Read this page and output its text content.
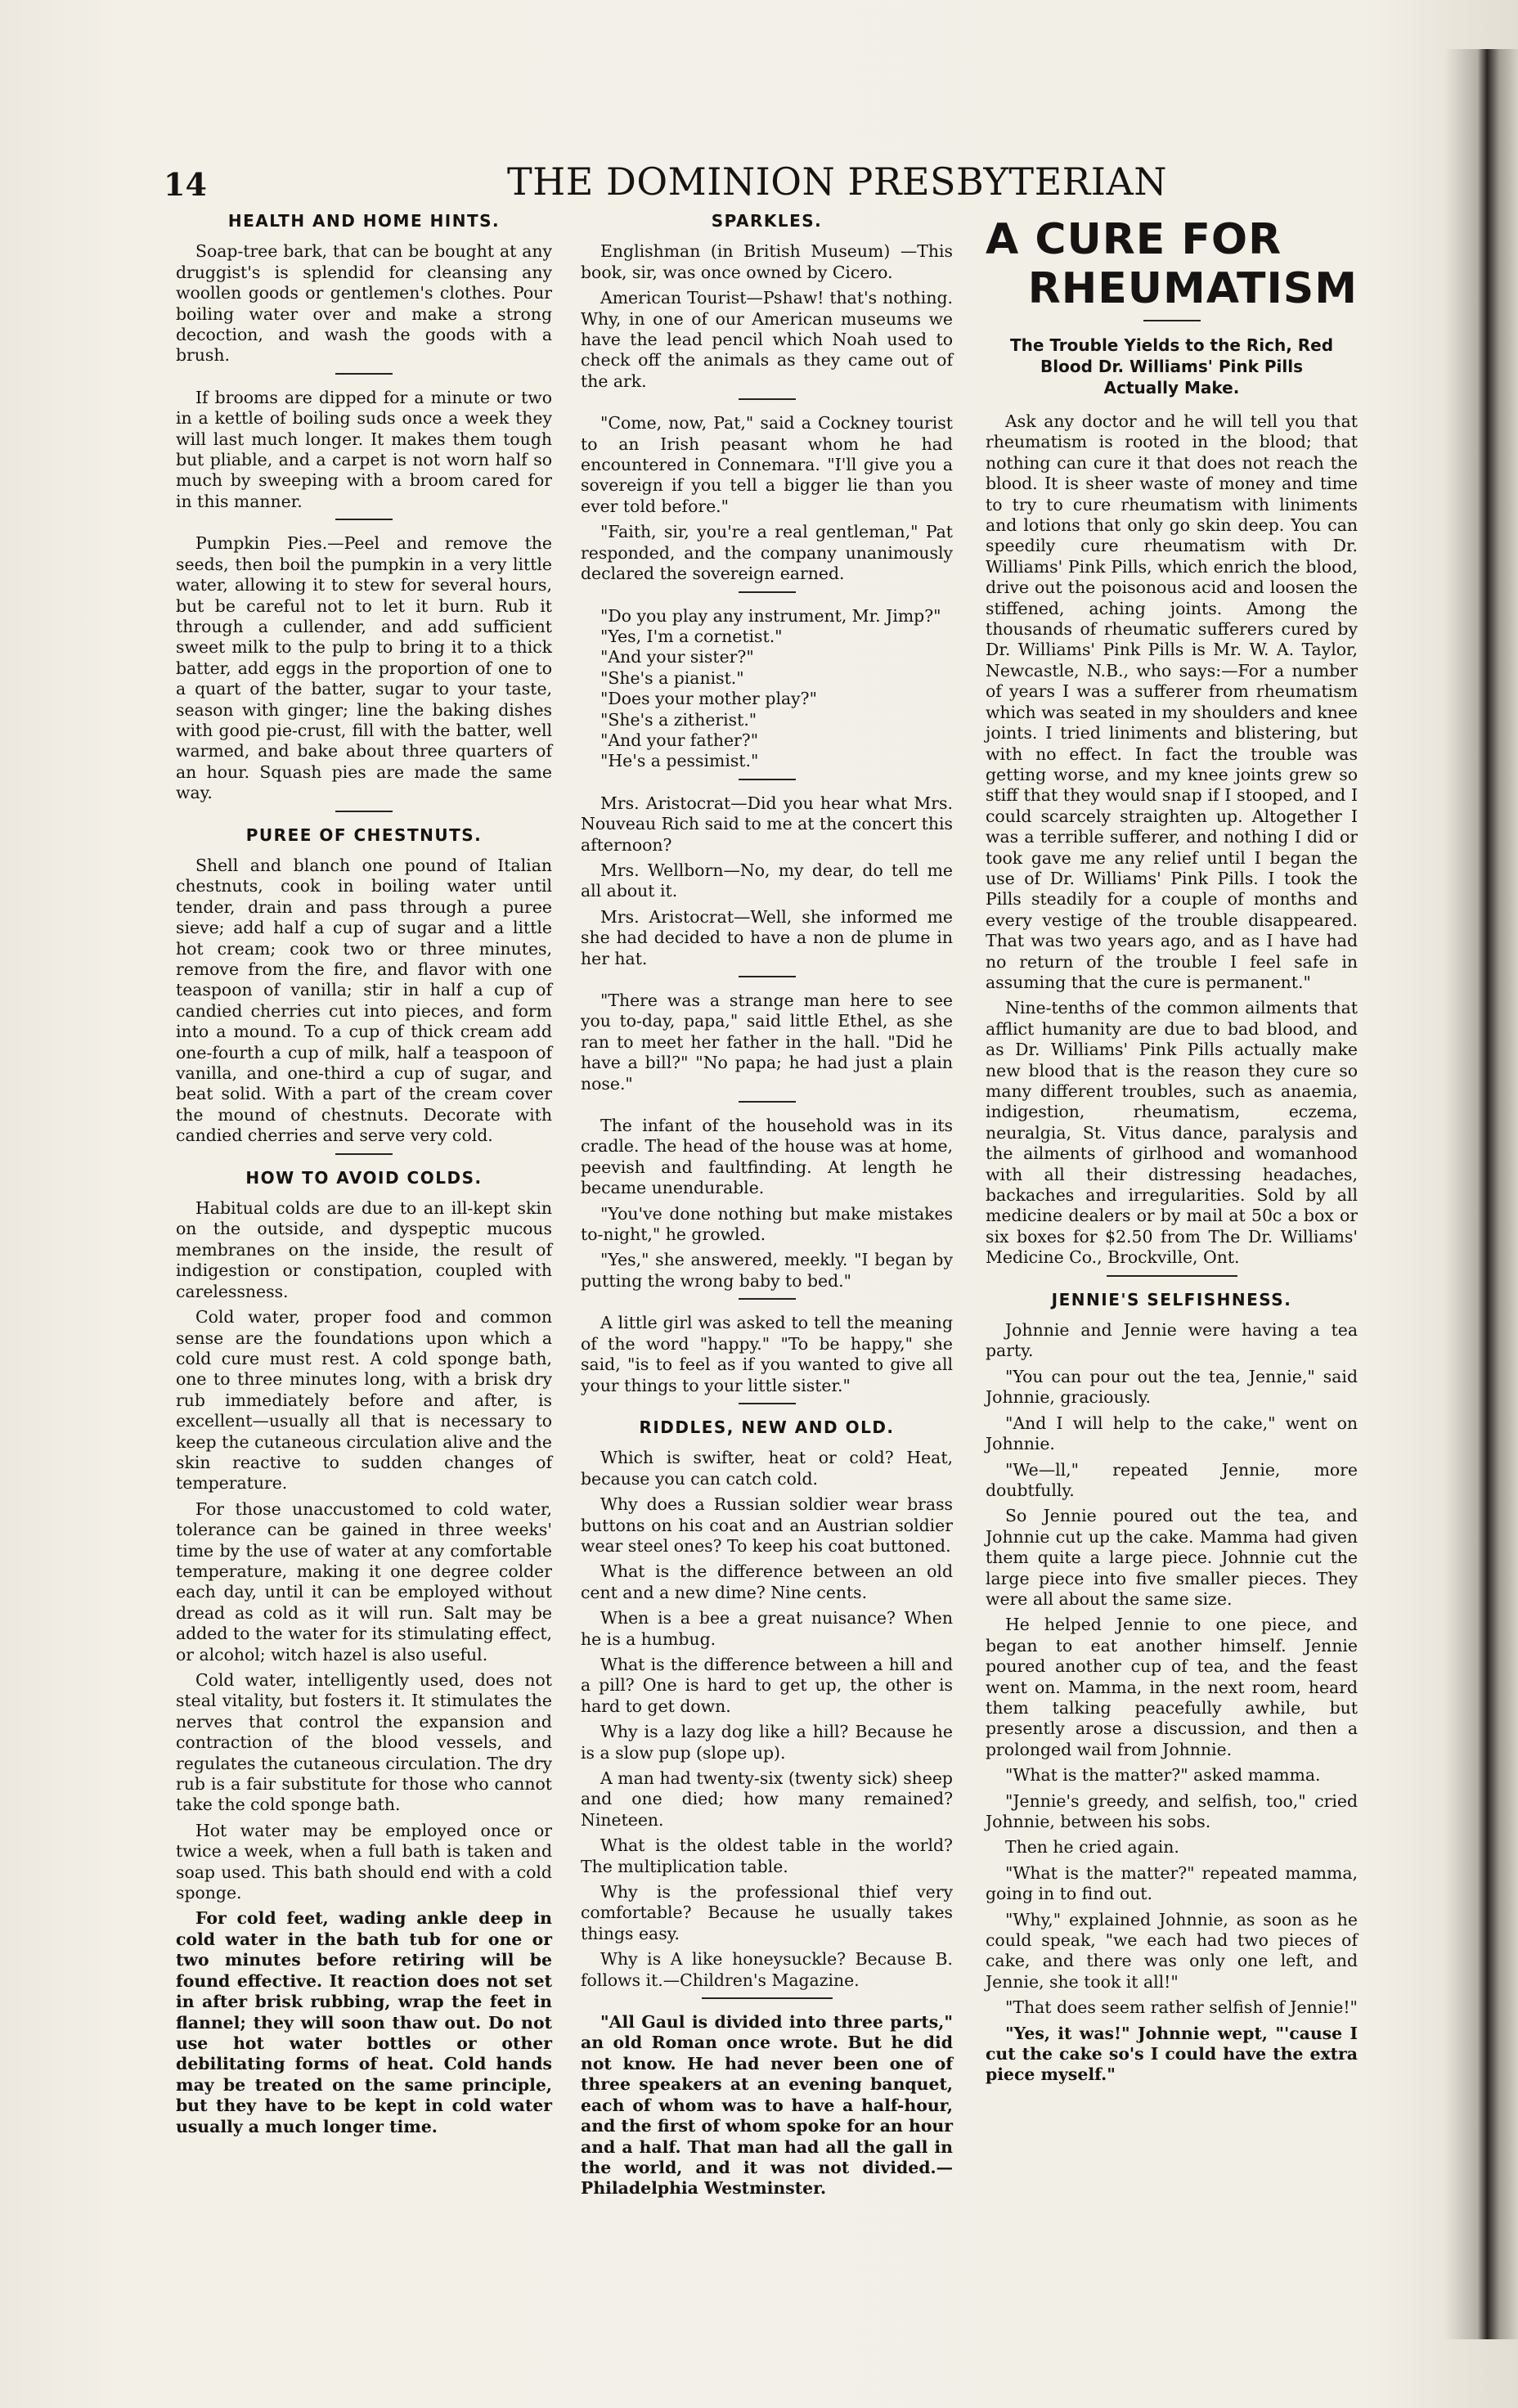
14	THE DOMINION PRESBYTERIAN
HEALTH AND HOME HINTS.

Soap-tree bark, that can be bought at any druggist's is splendid for cleansing any woollen goods or gentlemen's clothes. Pour boiling water over and make a strong decoction, and wash the goods with a brush.

If brooms are dipped for a minute or two in a kettle of boiling suds once a week they will last much longer. It makes them tough but pliable, and a carpet is not worn half so much by sweeping with a broom cared for in this manner.

Pumpkin Pies.—Peel and remove the seeds, then boil the pumpkin in a very little water, allowing it to stew for several hours, but be careful not to let it burn. Rub it through a cullender, and add sufficient sweet milk to the pulp to bring it to a thick batter, add eggs in the proportion of one to a quart of the batter, sugar to your taste, season with ginger; line the baking dishes with good pie-crust, fill with the batter, well warmed, and bake about three quarters of an hour. Squash pies are made the same way.

PUREE OF CHESTNUTS.

Shell and blanch one pound of Italian chestnuts, cook in boiling water until tender, drain and pass through a puree sieve; add half a cup of sugar and a little hot cream; cook two or three minutes, remove from the fire, and flavor with one teaspoon of vanilla; stir in half a cup of candied cherries cut into pieces, and form into a mound. To a cup of thick cream add one-fourth a cup of milk, half a teaspoon of vanilla, and one-third a cup of sugar, and beat solid. With a part of the cream cover the mound of chestnuts. Decorate with candied cherries and serve very cold.

HOW TO AVOID COLDS.

Habitual colds are due to an ill-kept skin on the outside, and dyspeptic mucous membranes on the inside, the result of indigestion or constipation, coupled with carelessness.

Cold water, proper food and common sense are the foundations upon which a cold cure must rest. A cold sponge bath, one to three minutes long, with a brisk dry rub immediately before and after, is excellent—usually all that is necessary to keep the cutaneous circulation alive and the skin reactive to sudden changes of temperature.

For those unaccustomed to cold water, tolerance can be gained in three weeks' time by the use of water at any comfortable temperature, making it one degree colder each day, until it can be employed without dread as cold as it will run. Salt may be added to the water for its stimulating effect, or alcohol; witch hazel is also useful.

Cold water, intelligently used, does not steal vitality, but fosters it. It stimulates the nerves that control the expansion and contraction of the blood vessels, and regulates the cutaneous circulation. The dry rub is a fair substitute for those who cannot take the cold sponge bath.

Hot water may be employed once or twice a week, when a full bath is taken and soap used. This bath should end with a cold sponge.

For cold feet, wading ankle deep in cold water in the bath tub for one or two minutes before retiring will be found effective. It reaction does not set in after brisk rubbing, wrap the feet in flannel; they will soon thaw out. Do not use hot water bottles or other debilitating forms of heat. Cold hands may be treated on the same principle, but they have to be kept in cold water usually a much longer time.

SPARKLES.

Englishman (in British Museum) —This book, sir, was once owned by Cicero.

American Tourist—Pshaw! that's nothing. Why, in one of our American museums we have the lead pencil which Noah used to check off the animals as they came out of the ark.

"Come, now, Pat," said a Cockney tourist to an Irish peasant whom he had encountered in Connemara. "I'll give you a sovereign if you tell a bigger lie than you ever told before."

"Faith, sir, you're a real gentleman," Pat responded, and the company unanimously declared the sovereign earned.

"Do you play any instrument, Mr. Jimp?"

"Yes, I'm a cornetist."

"And your sister?"

"She's a pianist."

"Does your mother play?"

"She's a zitherist."

"And your father?"

"He's a pessimist."

Mrs. Aristocrat—Did you hear what Mrs. Nouveau Rich said to me at the concert this afternoon?

Mrs. Wellborn—No, my dear, do tell me all about it.

Mrs. Aristocrat—Well, she informed me she had decided to have a non de plume in her hat.

"There was a strange man here to see you to-day, papa," said little Ethel, as she ran to meet her father in the hall. "Did he have a bill?" "No papa; he had just a plain nose."

The infant of the household was in its cradle. The head of the house was at home, peevish and faultfinding. At length he became unendurable.

"You've done nothing but make mistakes to-night," he growled.

"Yes," she answered, meekly. "I began by putting the wrong baby to bed."

A little girl was asked to tell the meaning of the word "happy." "To be happy," she said, "is to feel as if you wanted to give all your things to your little sister."

RIDDLES, NEW AND OLD.

Which is swifter, heat or cold? Heat, because you can catch cold.

Why does a Russian soldier wear brass buttons on his coat and an Austrian soldier wear steel ones? To keep his coat buttoned.

What is the difference between an old cent and a new dime? Nine cents.

When is a bee a great nuisance? When he is a humbug.

What is the difference between a hill and a pill? One is hard to get up, the other is hard to get down.

Why is a lazy dog like a hill? Because he is a slow pup (slope up).

A man had twenty-six (twenty sick) sheep and one died; how many remained? Nineteen.

What is the oldest table in the world? The multiplication table.

Why is the professional thief very comfortable? Because he usually takes things easy.

Why is A like honeysuckle? Because B. follows it.—Children's Magazine.

"All Gaul is divided into three parts," an old Roman once wrote. But he did not know. He had never been one of three speakers at an evening banquet, each of whom was to have a half-hour, and the first of whom spoke for an hour and a half. That man had all the gall in the world, and it was not divided.—Philadelphia Westminster.

A CURE FOR
RHEUMATISM
The Trouble Yields to the Rich, Red Blood Dr. Williams' Pink Pills Actually Make.

Ask any doctor and he will tell you that rheumatism is rooted in the blood; that nothing can cure it that does not reach the blood. It is sheer waste of money and time to try to cure rheumatism with liniments and lotions that only go skin deep. You can speedily cure rheumatism with Dr. Williams' Pink Pills, which enrich the blood, drive out the poisonous acid and loosen the stiffened, aching joints. Among the thousands of rheumatic sufferers cured by Dr. Williams' Pink Pills is Mr. W. A. Taylor, Newcastle, N.B., who says:—For a number of years I was a sufferer from rheumatism which was seated in my shoulders and knee joints. I tried liniments and blistering, but with no effect. In fact the trouble was getting worse, and my knee joints grew so stiff that they would snap if I stooped, and I could scarcely straighten up. Altogether I was a terrible sufferer, and nothing I did or took gave me any relief until I began the use of Dr. Williams' Pink Pills. I took the Pills steadily for a couple of months and every vestige of the trouble disappeared. That was two years ago, and as I have had no return of the trouble I feel safe in assuming that the cure is permanent."

Nine-tenths of the common ailments that afflict humanity are due to bad blood, and as Dr. Williams' Pink Pills actually make new blood that is the reason they cure so many different troubles, such as anaemia, indigestion, rheumatism, eczema, neuralgia, St. Vitus dance, paralysis and the ailments of girlhood and womanhood with all their distressing headaches, backaches and irregularities. Sold by all medicine dealers or by mail at 50c a box or six boxes for $2.50 from The Dr. Williams' Medicine Co., Brockville, Ont.

JENNIE'S SELFISHNESS.

Johnnie and Jennie were having a tea party.

"You can pour out the tea, Jennie," said Johnnie, graciously.

"And I will help to the cake," went on Johnnie.

"We—ll," repeated Jennie, more doubtfully.

So Jennie poured out the tea, and Johnnie cut up the cake. Mamma had given them quite a large piece. Johnnie cut the large piece into five smaller pieces. They were all about the same size.

He helped Jennie to one piece, and began to eat another himself. Jennie poured another cup of tea, and the feast went on. Mamma, in the next room, heard them talking peacefully awhile, but presently arose a discussion, and then a prolonged wail from Johnnie.

"What is the matter?" asked mamma.

"Jennie's greedy, and selfish, too," cried Johnnie, between his sobs.

Then he cried again.

"What is the matter?" repeated mamma, going in to find out.

"Why," explained Johnnie, as soon as he could speak, "we each had two pieces of cake, and there was only one left, and Jennie, she took it all!"

"That does seem rather selfish of Jennie!"

"Yes, it was!" Johnnie wept, "'cause I cut the cake so's I could have the extra piece myself."
